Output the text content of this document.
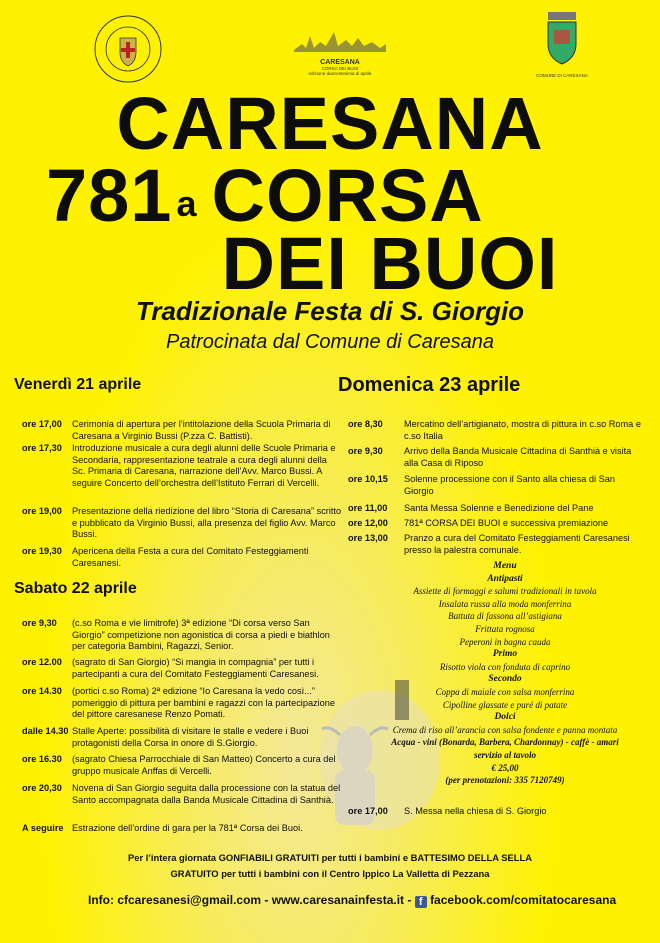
CARESANA
CORSA DEI BUOI
edizione duecentesima di aprile	COMUNE DI CARESANA
CARESANA
781 $^a$ CORSA
DEI BUOI
Tradizionale Festa di S. Giorgio
Patrocinata dal Comune di Caresana
Venerdì 21 aprile
ore 17,00	Cerimonia di apertura per l’intitolazione della Scuola Primaria di Caresana a Virginio Bussi (P.zza C. Battisti).
ore 17,30	Introduzione musicale a cura degli alunni delle Scuole Primaria e Secondaria, rappresentazione teatrale a cura degli alunni della Sc. Primaria di Caresana, narrazione dell’Avv. Marco Bussi. A seguire Concerto dell’orchestra dell’Istituto Ferrari di Vercelli.
ore 19,00	Presentazione della riedizione del libro “Storia di Caresana” scritto e pubblicato da Virginio Bussi, alla presenza del figlio Avv. Marco Bussi.
ore 19,30	Apericena della Festa a cura del Comitato Festeggiamenti Caresanesi.
Sabato 22 aprile
ore 9,30	(c.so Roma e vie limitrofe) 3ª edizione “Di corsa verso San Giorgio” competizione non agonistica di corsa a piedi e biathlon per categoria Bambini, Ragazzi, Senior.
ore 12.00	(sagrato di San Giorgio) “Si mangia in compagnia” per tutti i partecipanti a cura del Comitato Festeggiamenti Caresanesi.
ore 14.30	(portici c.so Roma) 2ª edizione “Io Caresana la vedo così...” pomeriggio di pittura per bambini e ragazzi con la partecipazione del pittore caresanese Renzo Pomati.
dalle 14.30 Stalle Aperte: possibilità di visitare le stalle e vedere i Buoi protagonisti della Corsa in onore di S.Giorgio.
ore 16.30	(sagrato Chiesa Parrocchiale di San Matteo) Concerto a cura del gruppo musicale Anffas di Vercelli.
ore 20,30	Novena di San Giorgio seguita dalla processione con la statua del Santo accompagnata dalla Banda Musicale Cittadina di Santhià.
A seguire Estrazione dell’ordine di gara per la 781ª Corsa dei Buoi.
Domenica 23 aprile
ore 8,30	Mercatino dell’artigianato, mostra di pittura in c.so Roma e c.so Italia
ore 9,30	Arrivo della Banda Musicale Cittadina di Santhià e visita alla Casa di Riposo
ore 10,15	Solenne processione con il Santo alla chiesa di San Giorgio
ore 11,00	Santa Messa Solenne e Benedizione del Pane
ore 12,00	781ª CORSA DEI BUOI e successiva premiazione
ore 13,00	Pranzo a cura del Comitato Festeggiamenti Caresanesi presso la palestra comunale.
Menu
Antipasti
Assiette di formaggi e salumi tradizionali in tavola
Insalata russa alla moda monferrina
Battuta di fassona all’astigiana
Frittata rognosa
Peperoni in bagna cauda
Primo
Risotto viola con fonduta di caprino
Secondo
Coppa di maiale con salsa monferrina
Cipolline glassate e puré di patate
Dolci
Crema di riso all’arancia con salsa fondente e panna montata
Acqua - vini (Bonarda, Barbera, Chardonnay) - caffè - amari
servizio al tavolo
€ 25,00
(per prenotazioni: 335 7120749)
ore 17,00	S. Messa nella chiesa di S. Giorgio
Per l’intera giornata GONFIABILI GRATUITI per tutti i bambini e BATTESIMO DELLA SELLA
GRATUITO per tutti i bambini con il Centro Ippico La Valletta di Pezzana
Info: cfcaresanesi@gmail.com - www.caresanainfesta.it - f facebook.com/comitatocaresana
